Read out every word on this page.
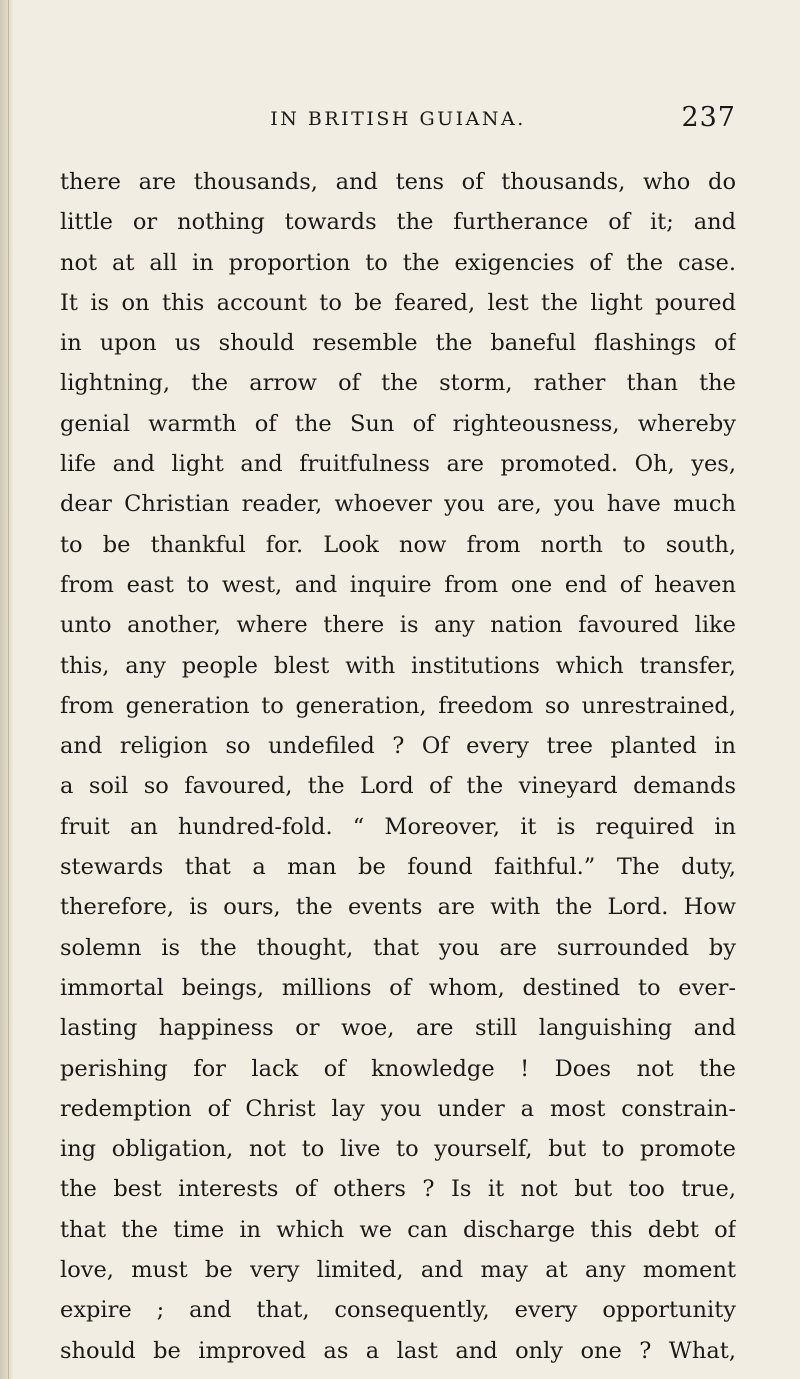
IN BRITISH GUIANA.	237
there are thousands, and tens of thousands, who do
little or nothing towards the furtherance of it; and
not at all in proportion to the exigencies of the case.
It is on this account to be feared, lest the light poured
in upon us should resemble the baneful flashings of
lightning, the arrow of the storm, rather than the
genial warmth of the Sun of righteousness, whereby
life and light and fruitfulness are promoted. Oh, yes,
dear Christian reader, whoever you are, you have much
to be thankful for. Look now from north to south,
from east to west, and inquire from one end of heaven
unto another, where there is any nation favoured like
this, any people blest with institutions which transfer,
from generation to generation, freedom so unrestrained,
and religion so undefiled ? Of every tree planted in
a soil so favoured, the Lord of the vineyard demands
fruit an hundred-fold. “ Moreover, it is required in
stewards that a man be found faithful.” The duty,
therefore, is ours, the events are with the Lord. How
solemn is the thought, that you are surrounded by
immortal beings, millions of whom, destined to ever-
lasting happiness or woe, are still languishing and
perishing for lack of knowledge ! Does not the
redemption of Christ lay you under a most constrain-
ing obligation, not to live to yourself, but to promote
the best interests of others ? Is it not but too true,
that the time in which we can discharge this debt of
love, must be very limited, and may at any moment
expire ; and that, consequently, every opportunity
should be improved as a last and only one ? What,
